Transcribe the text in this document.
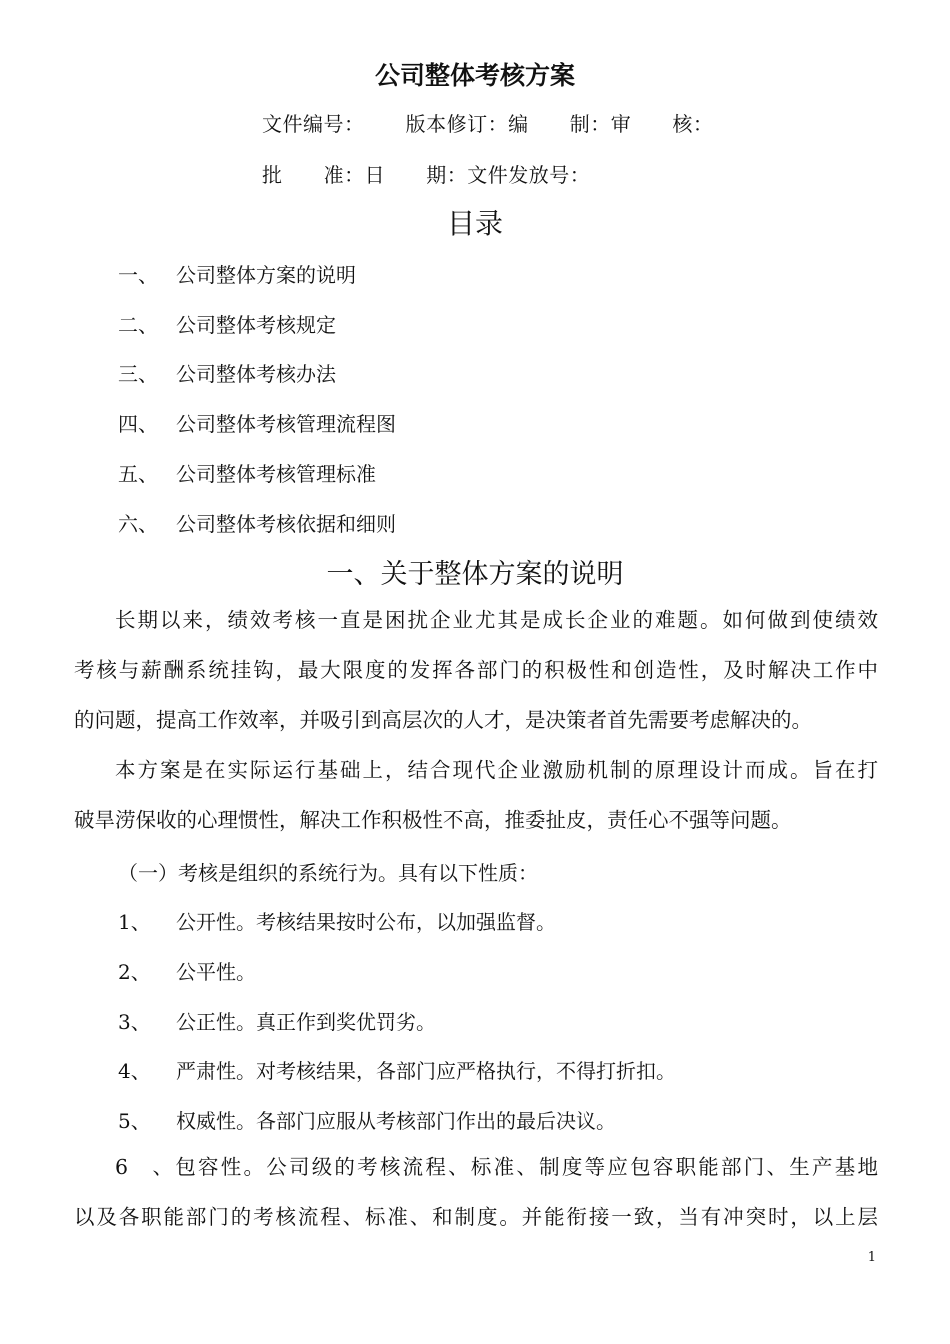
公司整体考核方案
文件编号：      版本修订：编      制：审      核：
批      准：日      期：文件发放号：
目录
一、 公司整体方案的说明
二、 公司整体考核规定
三、 公司整体考核办法
四、 公司整体考核管理流程图
五、 公司整体考核管理标准
六、 公司整体考核依据和细则
一、关于整体方案的说明
长期以来，绩效考核一直是困扰企业尤其是成长企业的难题。如何做到使绩效
考核与薪酬系统挂钩，最大限度的发挥各部门的积极性和创造性，及时解决工作中
的问题，提高工作效率，并吸引到高层次的人才，是决策者首先需要考虑解决的。
本方案是在实际运行基础上，结合现代企业激励机制的原理设计而成。旨在打
破旱涝保收的心理惯性，解决工作积极性不高，推委扯皮，责任心不强等问题。
（一）考核是组织的系统行为。具有以下性质：
1、 公开性。考核结果按时公布，以加强监督。
2、 公平性。
3、 公正性。真正作到奖优罚劣。
4、 严肃性。对考核结果，各部门应严格执行，不得打折扣。
5、 权威性。各部门应服从考核部门作出的最后决议。
6、包容性。公司级的考核流程、标准、制度等应包容职能部门、生产基地
以及各职能部门的考核流程、标准、和制度。并能衔接一致，当有冲突时，以上层
1
